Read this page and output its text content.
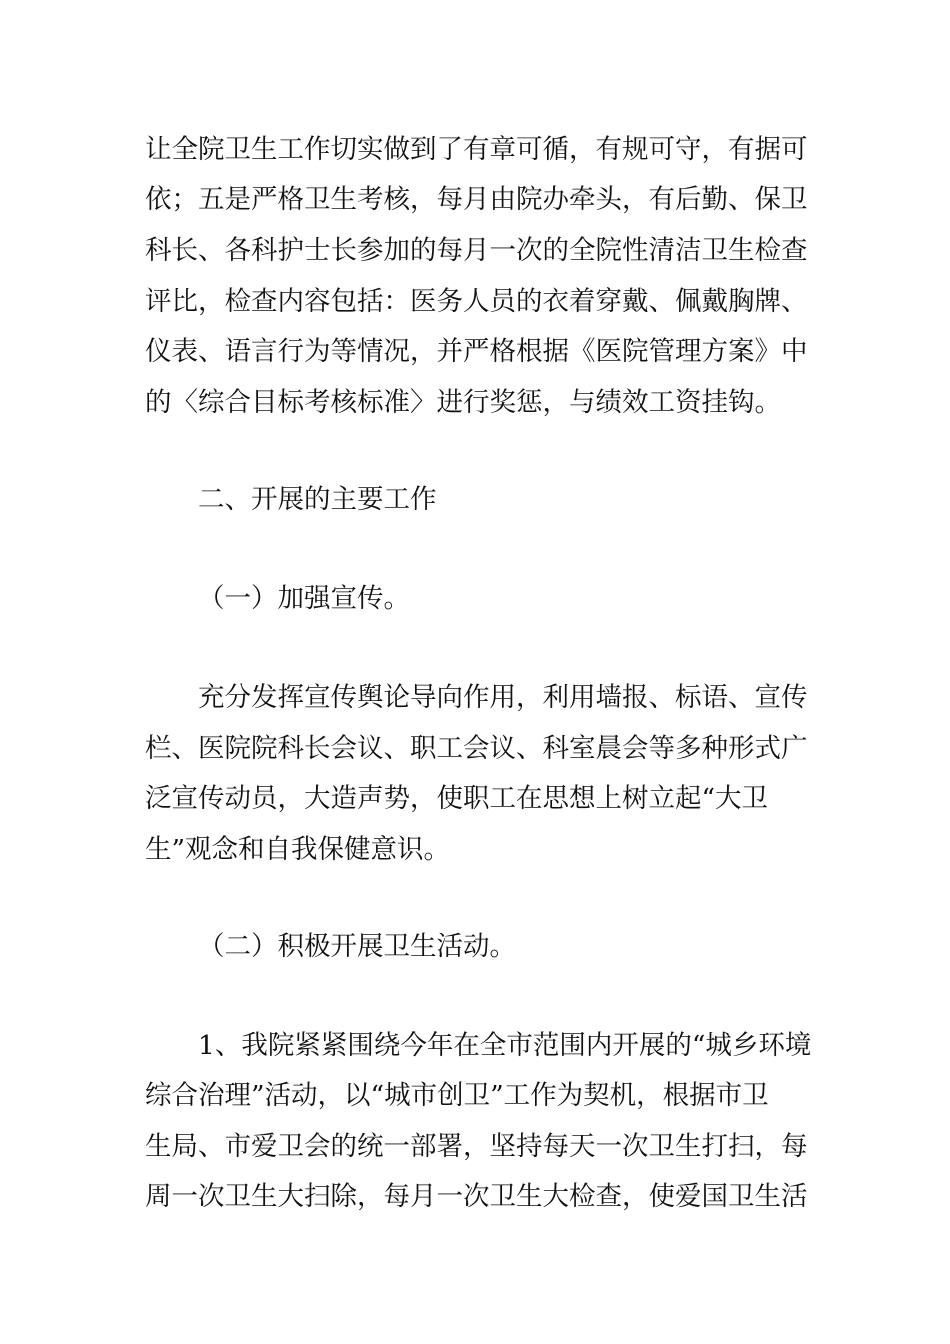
让全院卫生工作切实做到了有章可循，有规可守，有据可
依；五是严格卫生考核，每月由院办牵头，有后勤、保卫
科长、各科护士长参加的每月一次的全院性清洁卫生检查
评比，检查内容包括：医务人员的衣着穿戴、佩戴胸牌、
仪表、语言行为等情况，并严格根据《医院管理方案》中
的〈综合目标考核标准〉进行奖惩，与绩效工资挂钩。
二、开展的主要工作
（一）加强宣传。
充分发挥宣传舆论导向作用，利用墙报、标语、宣传
栏、医院院科长会议、职工会议、科室晨会等多种形式广
泛宣传动员，大造声势，使职工在思想上树立起“大卫
生”观念和自我保健意识。
（二）积极开展卫生活动。
1、我院紧紧围绕今年在全市范围内开展的“城乡环境
综合治理”活动，以“城市创卫”工作为契机，根据市卫
生局、市爱卫会的统一部署，坚持每天一次卫生打扫，每
周一次卫生大扫除，每月一次卫生大检查，使爱国卫生活
